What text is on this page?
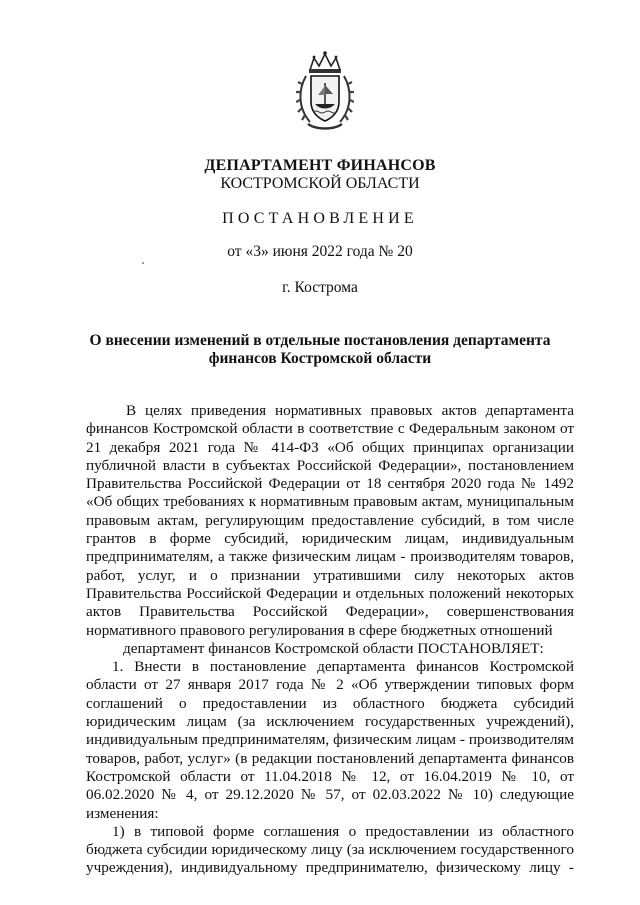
ДЕПАРТАМЕНТ ФИНАНСОВ
КОСТРОМСКОЙ ОБЛАСТИ
ПОСТАНОВЛЕНИЕ
от «3» июня 2022 года № 20
г. Кострома
О внесении изменений в отдельные постановления департамента
финансов Костромской области
В целях приведения нормативных правовых актов департамента
финансов Костромской области в соответствие с Федеральным законом от
21 декабря 2021 года № 414-ФЗ «Об общих принципах организации
публичной власти в субъектах Российской Федерации», постановлением
Правительства Российской Федерации от 18 сентября 2020 года № 1492
«Об общих требованиях к нормативным правовым актам, муниципальным
правовым актам, регулирующим предоставление субсидий, в том числе
грантов в форме субсидий, юридическим лицам, индивидуальным
предпринимателям, а также физическим лицам - производителям товаров,
работ, услуг, и о признании утратившими силу некоторых актов
Правительства Российской Федерации и отдельных положений некоторых
актов Правительства Российской Федерации», совершенствования
нормативного правового регулирования в сфере бюджетных отношений
департамент финансов Костромской области ПОСТАНОВЛЯЕТ:
1. Внести в постановление департамента финансов Костромской
области от 27 января 2017 года № 2 «Об утверждении типовых форм
соглашений о предоставлении из областного бюджета субсидий
юридическим лицам (за исключением государственных учреждений),
индивидуальным предпринимателям, физическим лицам - производителям
товаров, работ, услуг» (в редакции постановлений департамента финансов
Костромской области от 11.04.2018 № 12, от 16.04.2019 № 10, от
06.02.2020 № 4, от 29.12.2020 № 57, от 02.03.2022 № 10) следующие
изменения:
1) в типовой форме соглашения о предоставлении из областного
бюджета субсидии юридическому лицу (за исключением государственного
учреждения), индивидуальному предпринимателю, физическому лицу -
